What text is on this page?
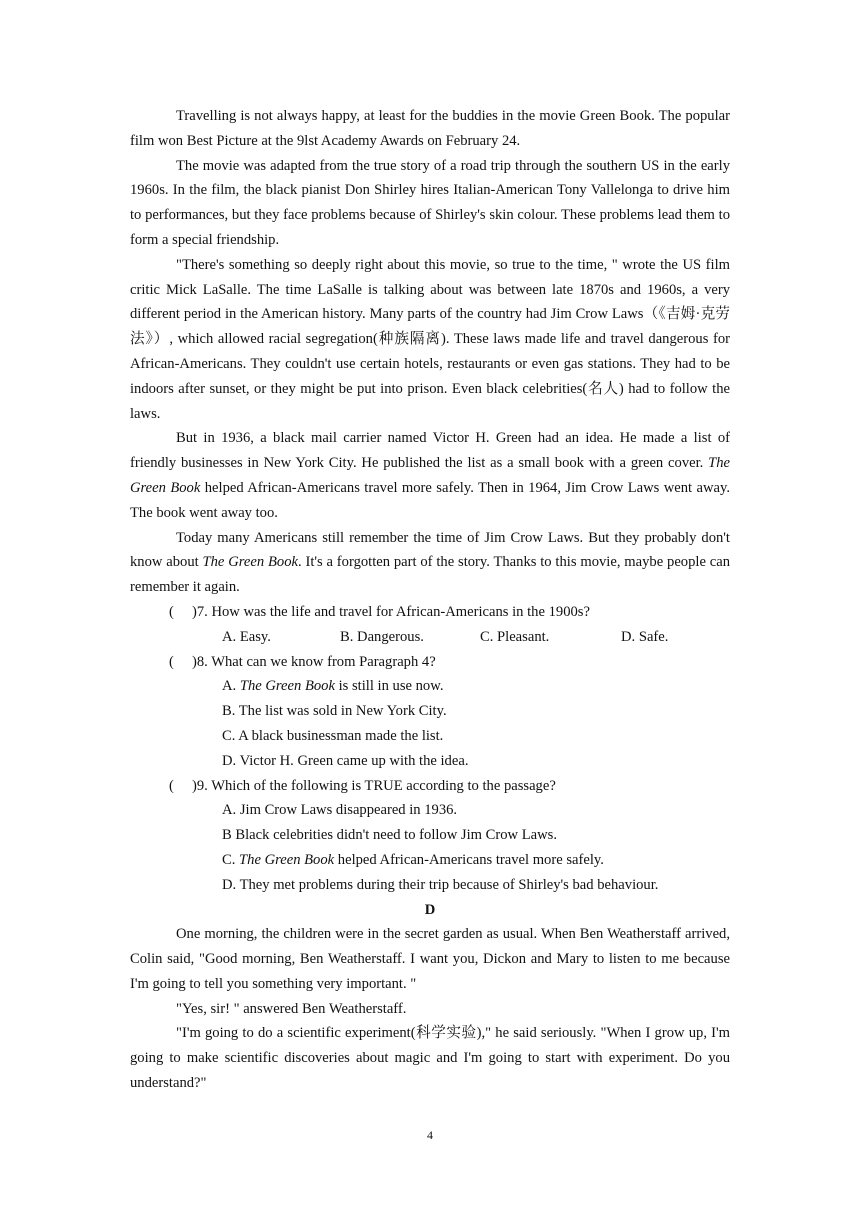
Travelling is not always happy, at least for the buddies in the movie Green Book. The popular film won Best Picture at the 9lst Academy Awards on February 24.

The movie was adapted from the true story of a road trip through the southern US in the early 1960s. In the film, the black pianist Don Shirley hires Italian-American Tony Vallelonga to drive him to performances, but they face problems because of Shirley's skin colour. These problems lead them to form a special friendship.

"There's something so deeply right about this movie, so true to the time, " wrote the US film critic Mick LaSalle. The time LaSalle is talking about was between late 1870s and 1960s, a very different period in the American history. Many parts of the country had Jim Crow Laws（《吉姆·克劳法》）, which allowed racial segregation(种族隔离). These laws made life and travel dangerous for African-Americans. They couldn't use certain hotels, restaurants or even gas stations. They had to be indoors after sunset, or they might be put into prison. Even black celebrities(名人) had to follow the laws.

But in 1936, a black mail carrier named Victor H. Green had an idea. He made a list of friendly businesses in New York City. He published the list as a small book with a green cover. The Green Book helped African-Americans travel more safely. Then in 1964, Jim Crow Laws went away. The book went away too.

Today many Americans still remember the time of Jim Crow Laws. But they probably don't know about The Green Book. It's a forgotten part of the story. Thanks to this movie, maybe people can remember it again.

( )7. How was the life and travel for African-Americans in the 1900s?
A. Easy.	B. Dangerous.	C. Pleasant.	D. Safe.
( )8. What can we know from Paragraph 4?
A. The Green Book is still in use now.
B. The list was sold in New York City.
C. A black businessman made the list.
D. Victor H. Green came up with the idea.
( )9. Which of the following is TRUE according to the passage?
A. Jim Crow Laws disappeared in 1936.
B Black celebrities didn't need to follow Jim Crow Laws.
C. The Green Book helped African-Americans travel more safely.
D. They met problems during their trip because of Shirley's bad behaviour.
D

One morning, the children were in the secret garden as usual. When Ben Weatherstaff arrived, Colin said, "Good morning, Ben Weatherstaff. I want you, Dickon and Mary to listen to me because I'm going to tell you something very important. "

"Yes, sir! " answered Ben Weatherstaff.

"I'm going to do a scientific experiment(科学实验)," he said seriously. "When I grow up, I'm going to make scientific discoveries about magic and I'm going to start with experiment. Do you understand?"

4
